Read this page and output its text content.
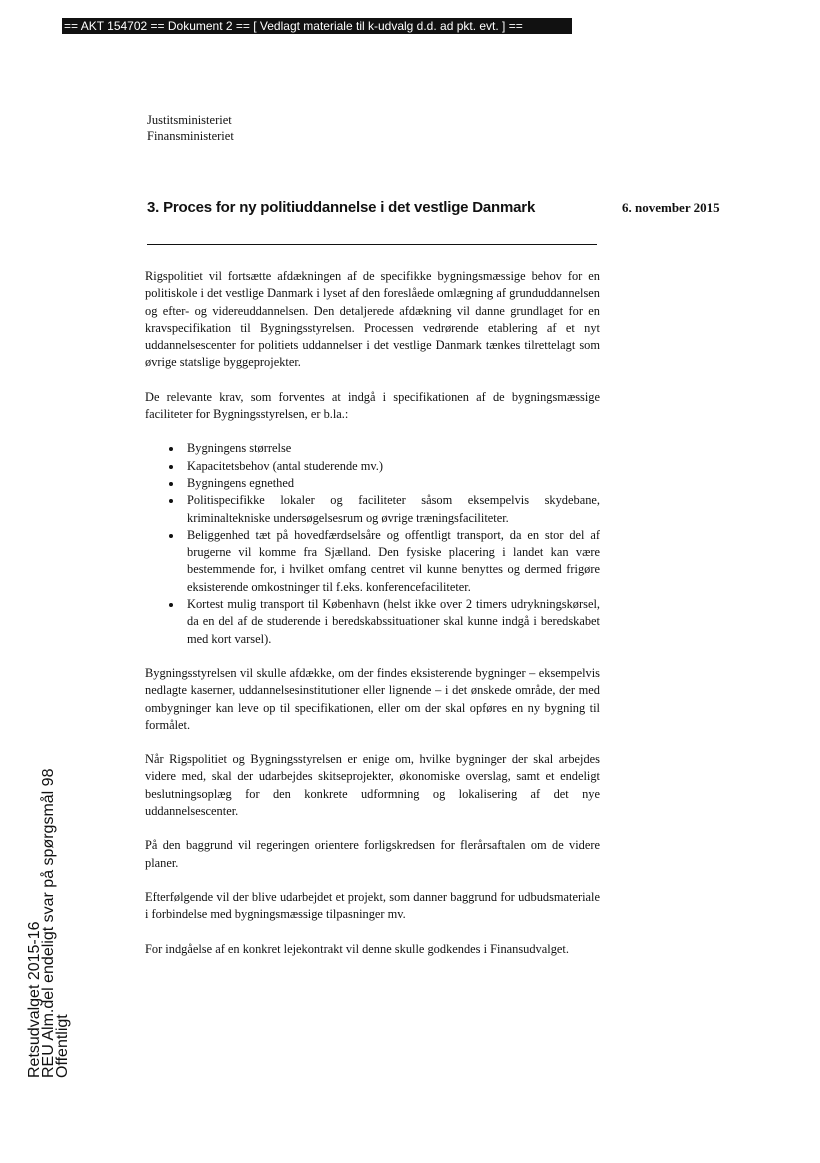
== AKT 154702 == Dokument 2 == [ Vedlagt materiale til k-udvalg d.d. ad pkt. evt. ] ==
Justitsministeriet
Finansministeriet
3. Proces for ny politiuddannelse i det vestlige Danmark	6. november 2015

Rigspolitiet vil fortsætte afdækningen af de specifikke bygningsmæssige behov for en politiskole i det vestlige Danmark i lyset af den foreslåede omlægning af grunduddannelsen og efter- og videreuddannelsen. Den detaljerede afdækning vil danne grundlaget for en kravspecifikation til Bygningsstyrelsen. Processen vedrørende etablering af et nyt uddannelsescenter for politiets uddannelser i det vestlige Danmark tænkes tilrettelagt som øvrige statslige byggeprojekter.

De relevante krav, som forventes at indgå i specifikationen af de bygningsmæssige faciliteter for Bygningsstyrelsen, er b.la.:

• Bygningens størrelse
• Kapacitetsbehov (antal studerende mv.)
• Bygningens egnethed
• Politispecifikke lokaler og faciliteter såsom eksempelvis skydebane, kriminaltekniske undersøgelsesrum og øvrige træningsfaciliteter.
• Beliggenhed tæt på hovedfærdselsåre og offentligt transport, da en stor del af brugerne vil komme fra Sjælland. Den fysiske placering i landet kan være bestemmende for, i hvilket omfang centret vil kunne benyttes og dermed frigøre eksisterende omkostninger til f.eks. konferencefaciliteter.
• Kortest mulig transport til København (helst ikke over 2 timers udrykningskørsel, da en del af de studerende i beredskabssituationer skal kunne indgå i beredskabet med kort varsel).

Bygningsstyrelsen vil skulle afdække, om der findes eksisterende bygninger – eksempelvis nedlagte kaserner, uddannelsesinstitutioner eller lignende – i det ønskede område, der med ombygninger kan leve op til specifikationen, eller om der skal opføres en ny bygning til formålet.

Når Rigspolitiet og Bygningsstyrelsen er enige om, hvilke bygninger der skal arbejdes videre med, skal der udarbejdes skitseprojekter, økonomiske overslag, samt et endeligt beslutningsoplæg for den konkrete udformning og lokalisering af det nye uddannelsescenter.

På den baggrund vil regeringen orientere forligskredsen for flerårsaftalen om de videre planer.

Efterfølgende vil der blive udarbejdet et projekt, som danner baggrund for udbudsmateriale i forbindelse med bygningsmæssige tilpasninger mv.

For indgåelse af en konkret lejekontrakt vil denne skulle godkendes i Finansudvalget.

Retsudvalget 2015-16
REU Alm.del endeligt svar på spørgsmål 98
Offentligt
